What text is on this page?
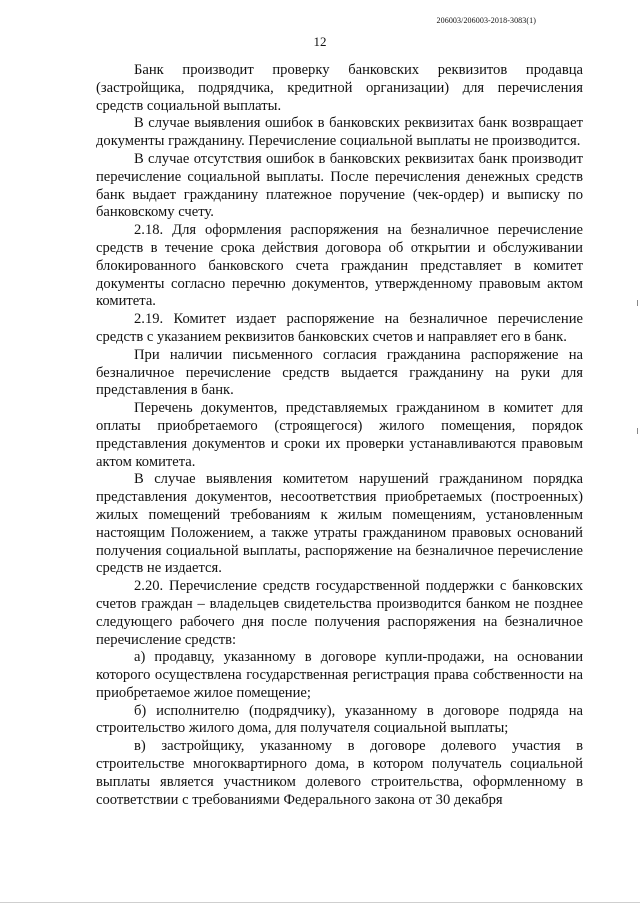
206003/206003-2018-3083(1)
12

Банк производит проверку банковских реквизитов продавца (застройщика, подрядчика, кредитной организации) для перечисления средств социальной выплаты.

В случае выявления ошибок в банковских реквизитах банк возвращает документы гражданину. Перечисление социальной выплаты не производится.

В случае отсутствия ошибок в банковских реквизитах банк производит перечисление социальной выплаты. После перечисления денежных средств банк выдает гражданину платежное поручение (чек-ордер) и выписку по банковскому счету.

2.18. Для оформления распоряжения на безналичное перечисление средств в течение срока действия договора об открытии и обслуживании блокированного банковского счета гражданин представляет в комитет документы согласно перечню документов, утвержденному правовым актом комитета.

2.19. Комитет издает распоряжение на безналичное перечисление средств с указанием реквизитов банковских счетов и направляет его в банк.

При наличии письменного согласия гражданина распоряжение на безналичное перечисление средств выдается гражданину на руки для представления в банк.

Перечень документов, представляемых гражданином в комитет для оплаты приобретаемого (строящегося) жилого помещения, порядок представления документов и сроки их проверки устанавливаются правовым актом комитета.

В случае выявления комитетом нарушений гражданином порядка представления документов, несоответствия приобретаемых (построенных) жилых помещений требованиям к жилым помещениям, установленным настоящим Положением, а также утраты гражданином правовых оснований получения социальной выплаты, распоряжение на безналичное перечисление средств не издается.

2.20. Перечисление средств государственной поддержки с банковских счетов граждан – владельцев свидетельства производится банком не позднее следующего рабочего дня после получения распоряжения на безналичное перечисление средств:

а) продавцу, указанному в договоре купли-продажи, на основании которого осуществлена государственная регистрация права собственности на приобретаемое жилое помещение;

б) исполнителю (подрядчику), указанному в договоре подряда на строительство жилого дома, для получателя социальной выплаты;

в) застройщику, указанному в договоре долевого участия в строительстве многоквартирного дома, в котором получатель социальной выплаты является участником долевого строительства, оформленному в соответствии с требованиями Федерального закона от 30 декабря
